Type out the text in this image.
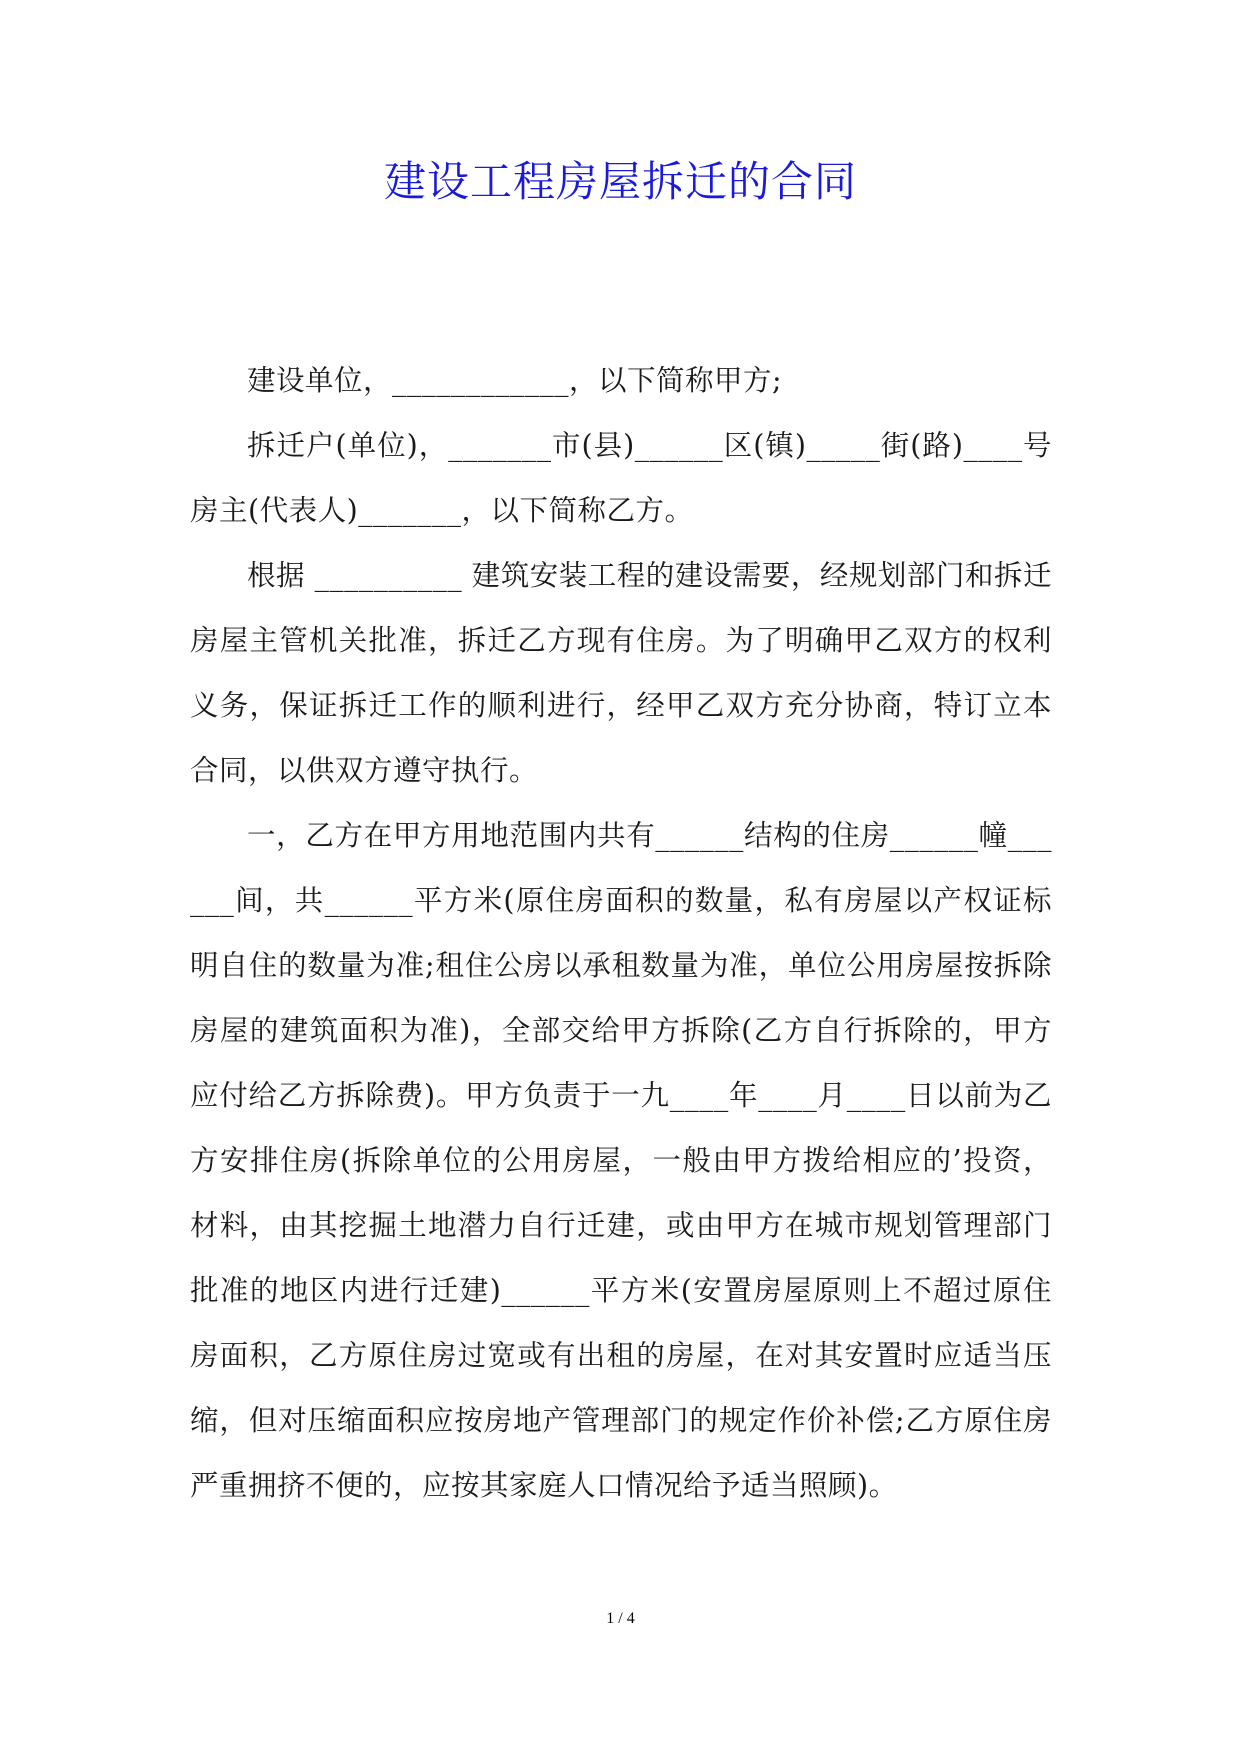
建设工程房屋拆迁的合同

建设单位，____________，以下简称甲方;

拆迁户(单位)，_______市(县)______区(镇)_____街(路)____号房主(代表人)_______，以下简称乙方。

根据 __________ 建筑安装工程的建设需要，经规划部门和拆迁房屋主管机关批准，拆迁乙方现有住房。为了明确甲乙双方的权利义务，保证拆迁工作的顺利进行，经甲乙双方充分协商，特订立本合同，以供双方遵守执行。

一，乙方在甲方用地范围内共有______结构的住房______幢______间，共______平方米(原住房面积的数量，私有房屋以产权证标明自住的数量为准;租住公房以承租数量为准，单位公用房屋按拆除房屋的建筑面积为准)，全部交给甲方拆除(乙方自行拆除的，甲方应付给乙方拆除费)。甲方负责于一九____年____月____日以前为乙方安排住房(拆除单位的公用房屋，一般由甲方拨给相应的’投资，材料，由其挖掘土地潜力自行迁建，或由甲方在城市规划管理部门批准的地区内进行迁建)______平方米(安置房屋原则上不超过原住房面积，乙方原住房过宽或有出租的房屋，在对其安置时应适当压缩，但对压缩面积应按房地产管理部门的规定作价补偿;乙方原住房严重拥挤不便的，应按其家庭人口情况给予适当照顾)。

1 / 4
